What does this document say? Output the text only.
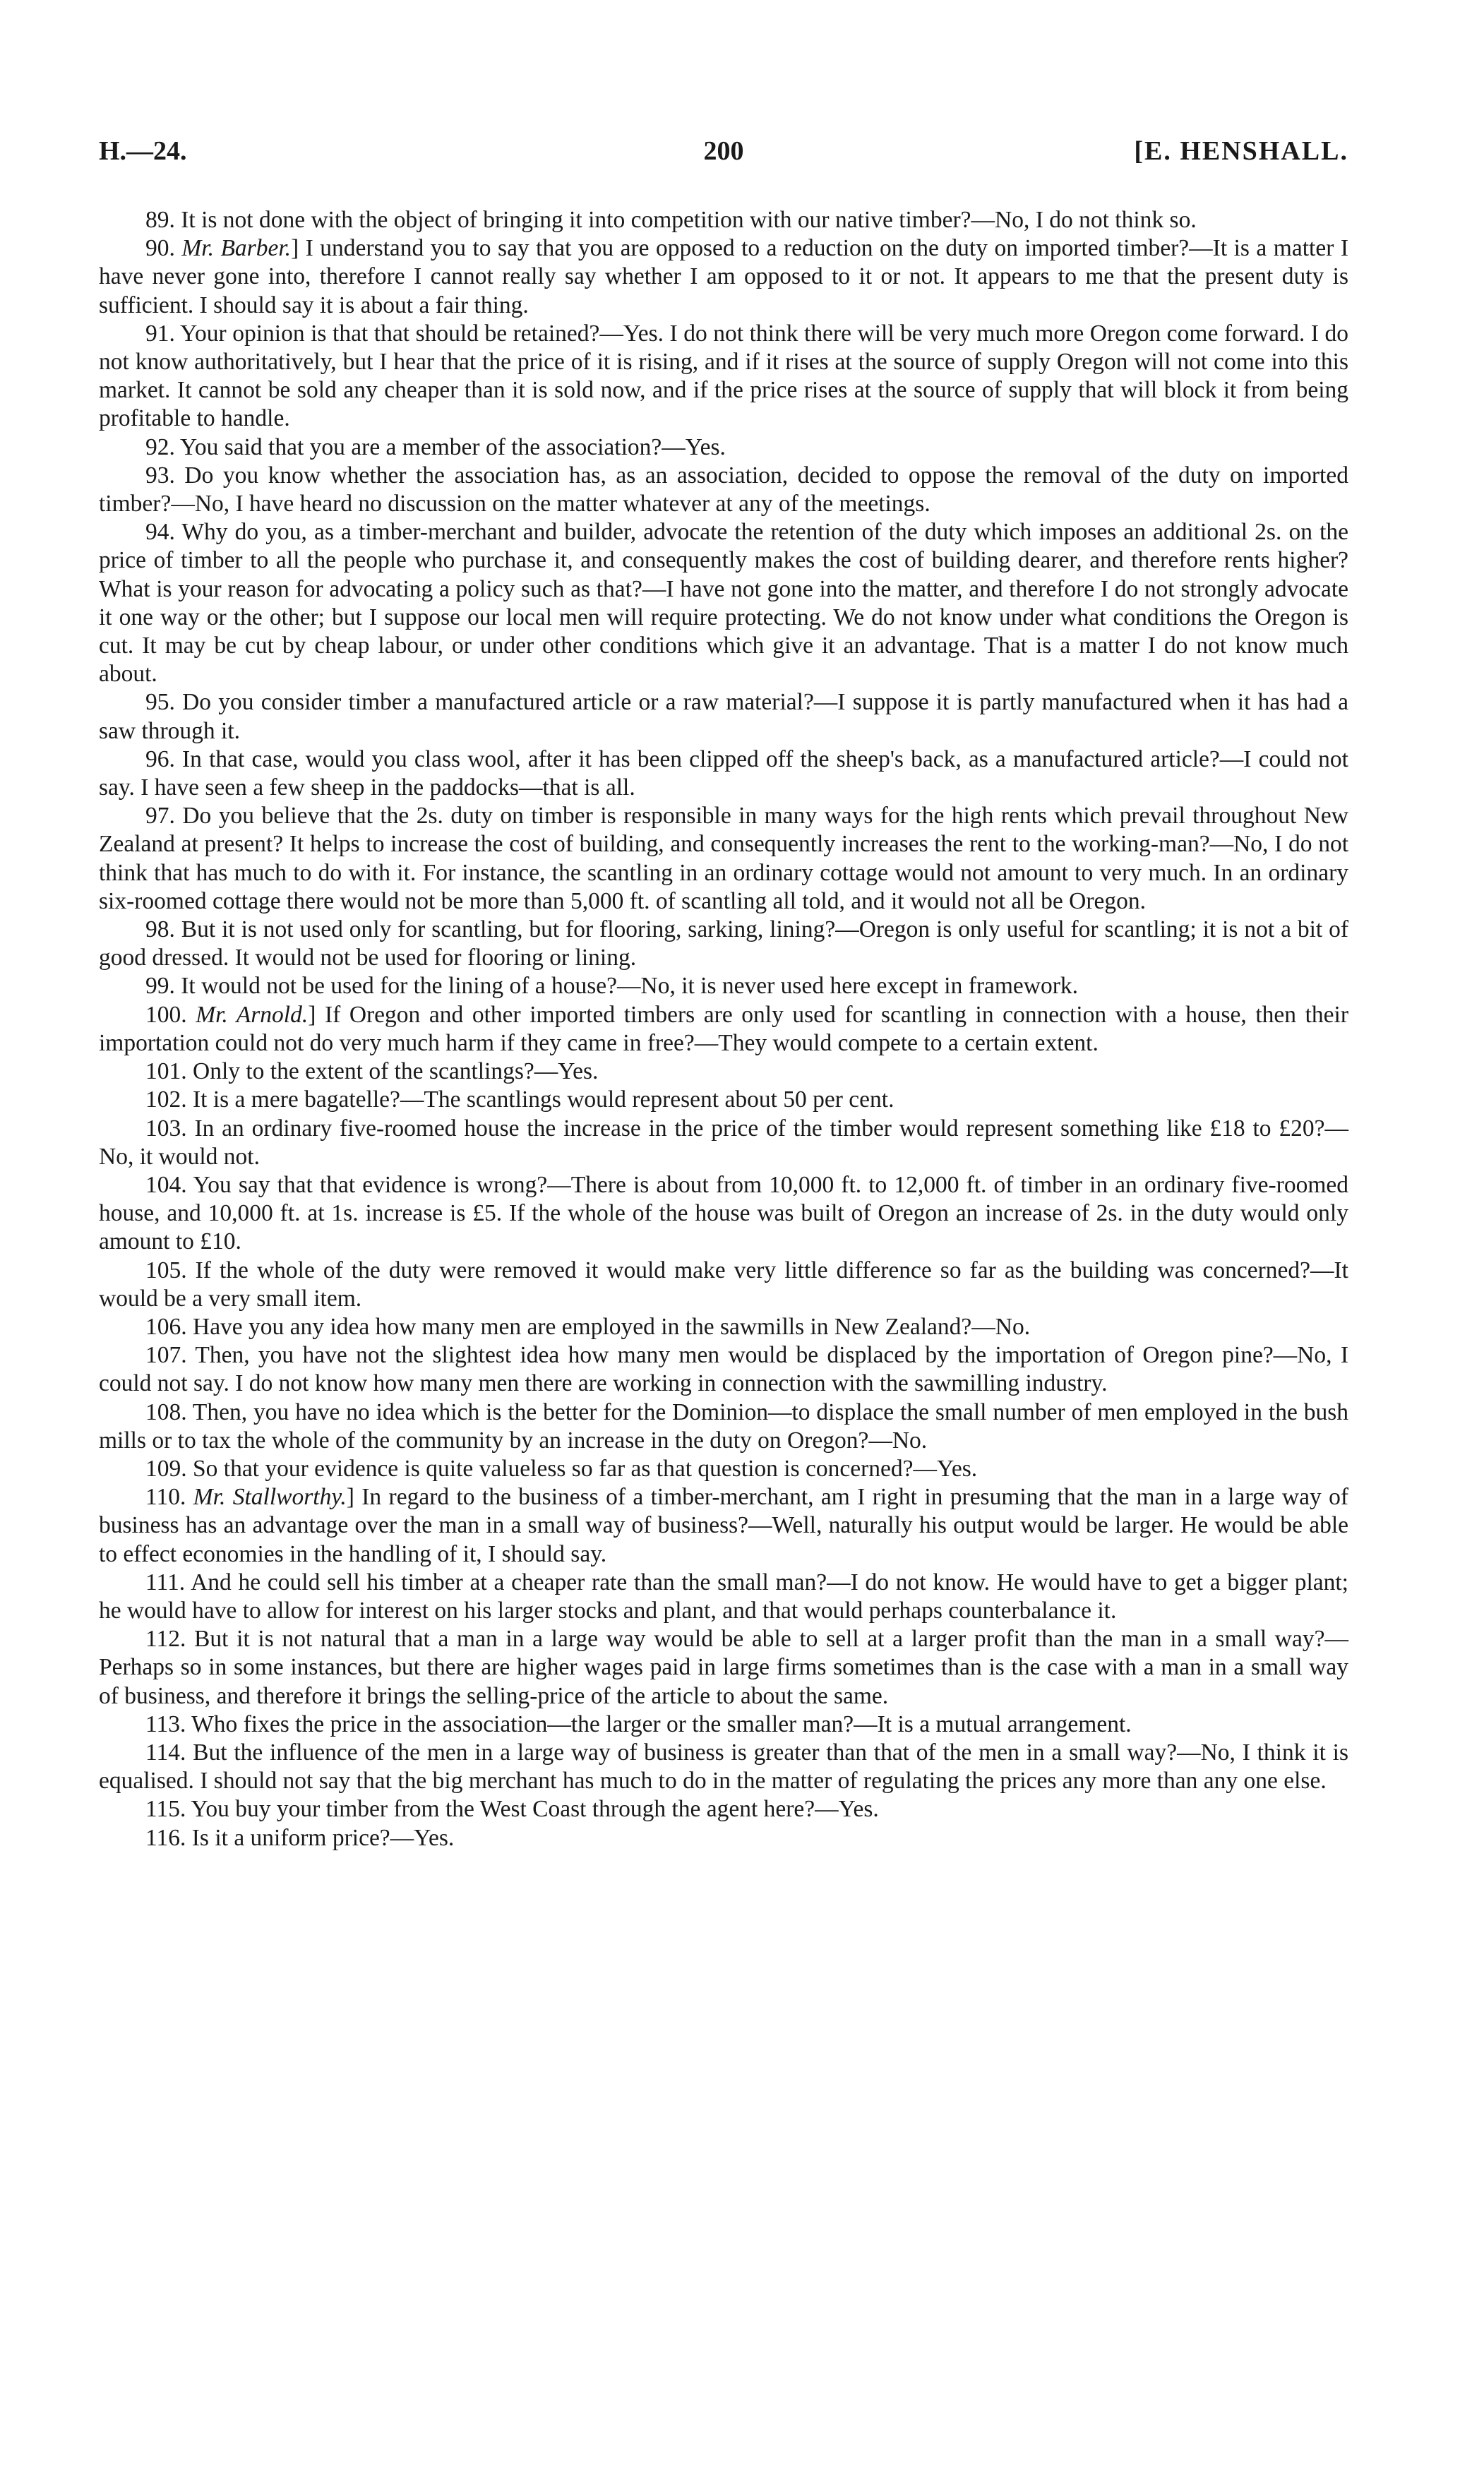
H.—24.	200	[E. HENSHALL.

89. It is not done with the object of bringing it into competition with our native timber?—No, I do not think so.

90. Mr. Barber.] I understand you to say that you are opposed to a reduction on the duty on imported timber?—It is a matter I have never gone into, therefore I cannot really say whether I am opposed to it or not. It appears to me that the present duty is sufficient. I should say it is about a fair thing.

91. Your opinion is that that should be retained?—Yes. I do not think there will be very much more Oregon come forward. I do not know authoritatively, but I hear that the price of it is rising, and if it rises at the source of supply Oregon will not come into this market. It cannot be sold any cheaper than it is sold now, and if the price rises at the source of supply that will block it from being profitable to handle.

92. You said that you are a member of the association?—Yes.

93. Do you know whether the association has, as an association, decided to oppose the removal of the duty on imported timber?—No, I have heard no discussion on the matter whatever at any of the meetings.

94. Why do you, as a timber-merchant and builder, advocate the retention of the duty which imposes an additional 2s. on the price of timber to all the people who purchase it, and consequently makes the cost of building dearer, and therefore rents higher? What is your reason for advocating a policy such as that?—I have not gone into the matter, and therefore I do not strongly advocate it one way or the other; but I suppose our local men will require protecting. We do not know under what conditions the Oregon is cut. It may be cut by cheap labour, or under other conditions which give it an advantage. That is a matter I do not know much about.

95. Do you consider timber a manufactured article or a raw material?—I suppose it is partly manufactured when it has had a saw through it.

96. In that case, would you class wool, after it has been clipped off the sheep's back, as a manufactured article?—I could not say. I have seen a few sheep in the paddocks—that is all.

97. Do you believe that the 2s. duty on timber is responsible in many ways for the high rents which prevail throughout New Zealand at present? It helps to increase the cost of building, and consequently increases the rent to the working-man?—No, I do not think that has much to do with it. For instance, the scantling in an ordinary cottage would not amount to very much. In an ordinary six-roomed cottage there would not be more than 5,000 ft. of scantling all told, and it would not all be Oregon.

98. But it is not used only for scantling, but for flooring, sarking, lining?—Oregon is only useful for scantling; it is not a bit of good dressed. It would not be used for flooring or lining.

99. It would not be used for the lining of a house?—No, it is never used here except in framework.

100. Mr. Arnold.] If Oregon and other imported timbers are only used for scantling in connection with a house, then their importation could not do very much harm if they came in free?—They would compete to a certain extent.

101. Only to the extent of the scantlings?—Yes.

102. It is a mere bagatelle?—The scantlings would represent about 50 per cent.

103. In an ordinary five-roomed house the increase in the price of the timber would represent something like £18 to £20?—No, it would not.

104. You say that that evidence is wrong?—There is about from 10,000 ft. to 12,000 ft. of timber in an ordinary five-roomed house, and 10,000 ft. at 1s. increase is £5. If the whole of the house was built of Oregon an increase of 2s. in the duty would only amount to £10.

105. If the whole of the duty were removed it would make very little difference so far as the building was concerned?—It would be a very small item.

106. Have you any idea how many men are employed in the sawmills in New Zealand?—No.

107. Then, you have not the slightest idea how many men would be displaced by the importation of Oregon pine?—No, I could not say. I do not know how many men there are working in connection with the sawmilling industry.

108. Then, you have no idea which is the better for the Dominion—to displace the small number of men employed in the bush mills or to tax the whole of the community by an increase in the duty on Oregon?—No.

109. So that your evidence is quite valueless so far as that question is concerned?—Yes.

110. Mr. Stallworthy.] In regard to the business of a timber-merchant, am I right in presuming that the man in a large way of business has an advantage over the man in a small way of business?—Well, naturally his output would be larger. He would be able to effect economies in the handling of it, I should say.

111. And he could sell his timber at a cheaper rate than the small man?—I do not know. He would have to get a bigger plant; he would have to allow for interest on his larger stocks and plant, and that would perhaps counterbalance it.

112. But it is not natural that a man in a large way would be able to sell at a larger profit than the man in a small way?—Perhaps so in some instances, but there are higher wages paid in large firms sometimes than is the case with a man in a small way of business, and therefore it brings the selling-price of the article to about the same.

113. Who fixes the price in the association—the larger or the smaller man?—It is a mutual arrangement.

114. But the influence of the men in a large way of business is greater than that of the men in a small way?—No, I think it is equalised. I should not say that the big merchant has much to do in the matter of regulating the prices any more than any one else.

115. You buy your timber from the West Coast through the agent here?—Yes.

116. Is it a uniform price?—Yes.
